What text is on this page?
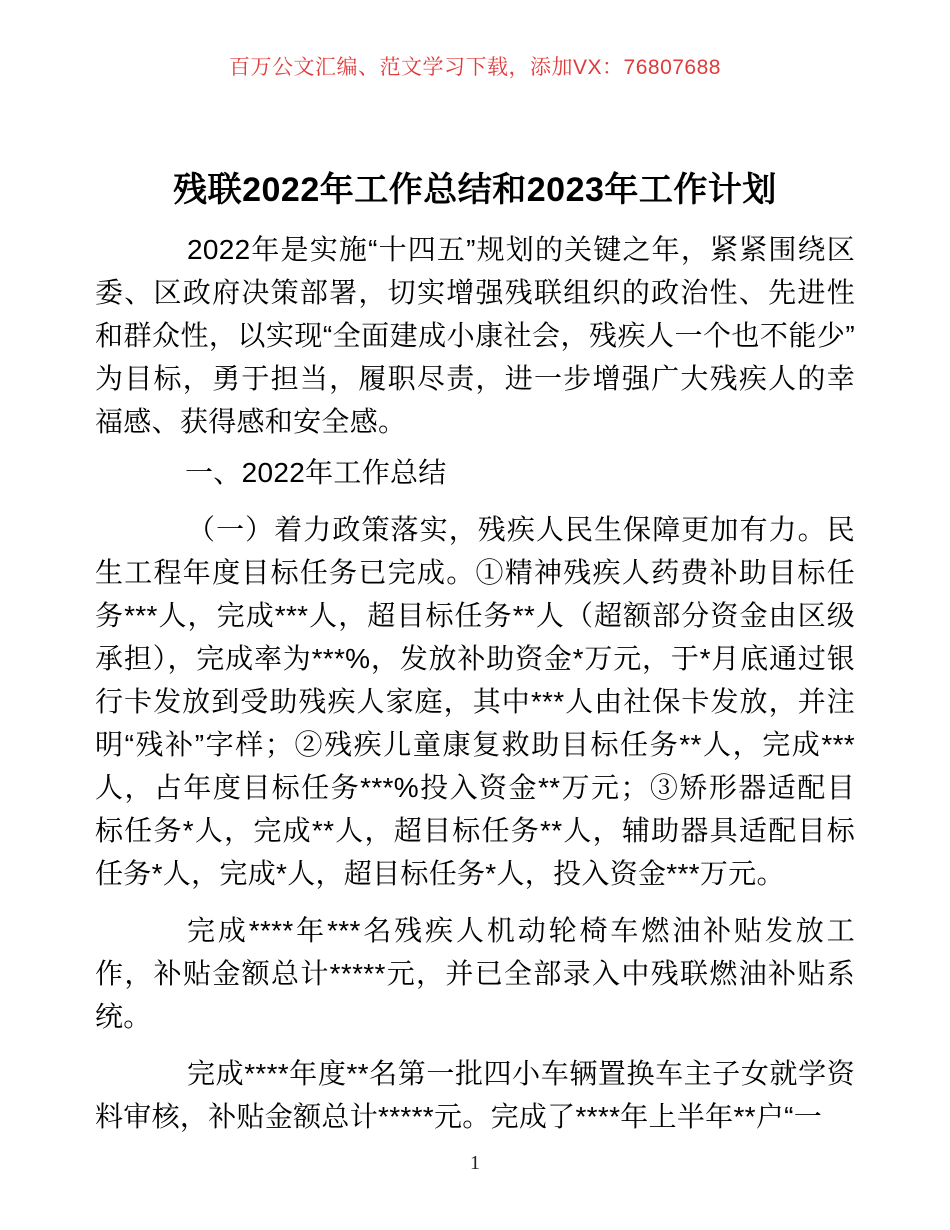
百万公文汇编、范文学习下载，添加VX：76807688
残联2022年工作总结和2023年工作计划

2022年是实施“十四五”规划的关键之年，紧紧围绕区委、区政府决策部署，切实增强残联组织的政治性、先进性和群众性，以实现“全面建成小康社会，残疾人一个也不能少”为目标，勇于担当，履职尽责，进一步增强广大残疾人的幸福感、获得感和安全感。

一、2022年工作总结

（一）着力政策落实，残疾人民生保障更加有力。民生工程年度目标任务已完成。①精神残疾人药费补助目标任务***人，完成***人，超目标任务**人（超额部分资金由区级承担），完成率为***%，发放补助资金*万元，于*月底通过银行卡发放到受助残疾人家庭，其中***人由社保卡发放，并注明“残补”字样；②残疾儿童康复救助目标任务**人，完成***人，占年度目标任务***%投入资金**万元；③矫形器适配目标任务*人，完成**人，超目标任务**人，辅助器具适配目标任务*人，完成*人，超目标任务*人，投入资金***万元。

完成****年***名残疾人机动轮椅车燃油补贴发放工作，补贴金额总计*****元，并已全部录入中残联燃油补贴系统。

完成****年度**名第一批四小车辆置换车主子女就学资料审核，补贴金额总计*****元。完成了****年上半年**户“一

1
